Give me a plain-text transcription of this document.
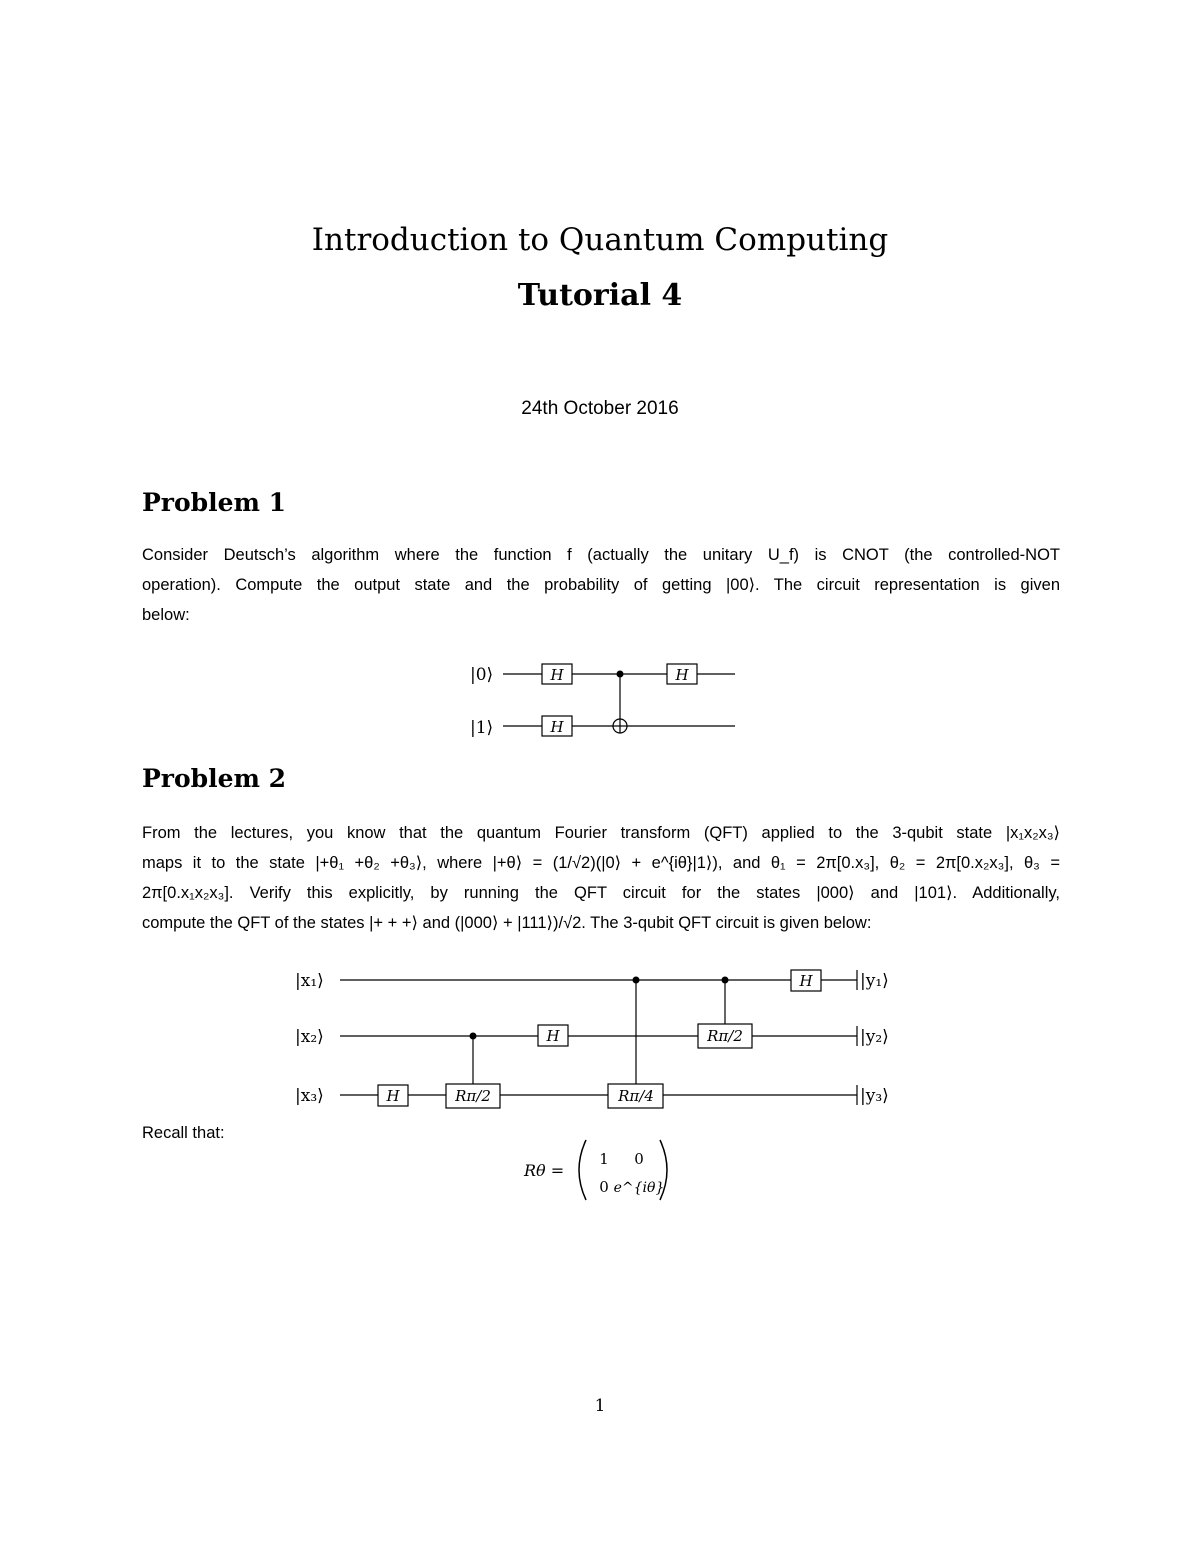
Introduction to Quantum Computing
Tutorial 4
24th October 2016
Problem 1
Consider Deutsch’s algorithm where the function f (actually the unitary U_f) is CNOT (the controlled-NOT
operation). Compute the output state and the probability of getting |00⟩. The circuit representation is given
below:
|0⟩
|1⟩
H
H
H
Problem 2
From the lectures, you know that the quantum Fourier transform (QFT) applied to the 3-qubit state |x₁x₂x₃⟩
maps it to the state |+θ₁ +θ₂ +θ₃⟩, where |+θ⟩ = (1/√2)(|0⟩ + e^{iθ}|1⟩), and θ₁ = 2π[0.x₃], θ₂ = 2π[0.x₂x₃], θ₃ =
2π[0.x₁x₂x₃]. Verify this explicitly, by running the QFT circuit for the states |000⟩ and |101⟩. Additionally,
compute the QFT of the states |+ + +⟩ and (|000⟩ + |111⟩)/√2. The 3-qubit QFT circuit is given below:
|x₁⟩
|x₂⟩
|x₃⟩
|y₁⟩
|y₂⟩
|y₃⟩
H	Rπ/2
H
Rπ/4
Rπ/2
H
Recall that:
Rθ =
1 0
0 e^{iθ}
1
